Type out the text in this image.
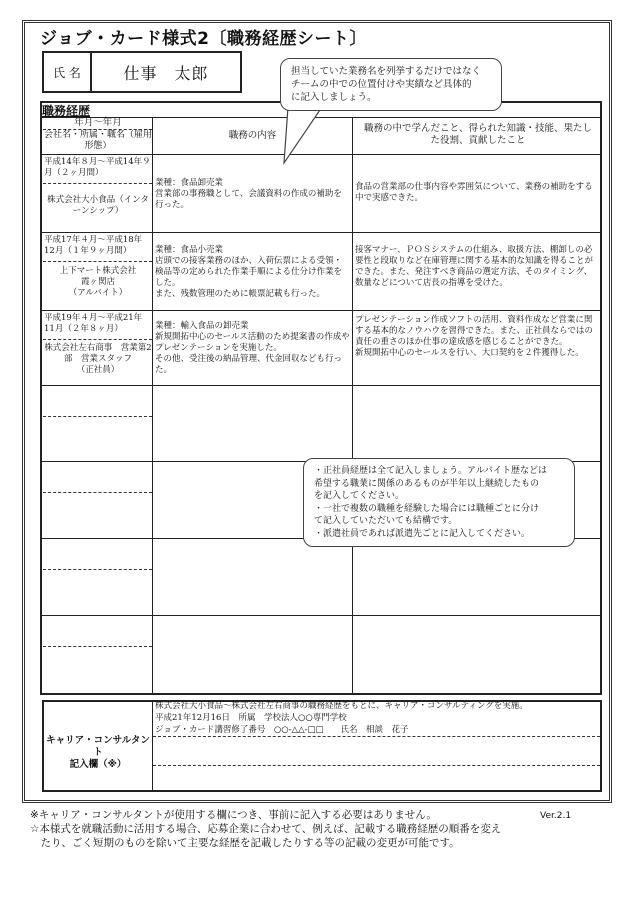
ジョブ・カード様式2〔職務経歴シート〕
氏 名	仕事　太郎
職務経歴
年月～年月
会社名・所属・職名（雇用形態）
職務の内容
職務の中で学んだこと、得られた知識・技能、果たした役割、貢献したこと
平成14年８月～平成14年９月（２ヶ月間）
株式会社大小食品（インターンシップ）
業種：食品卸売業
営業部の事務職として、会議資料の作成の補助を行った。
食品の営業部の仕事内容や雰囲気について、業務の補助をする中で実感できた。
平成17年４月～平成18年12月（１年９ヶ月間）
上下マート株式会社
霞ヶ関店
（アルバイト）
業種：食品小売業
店頭での接客業務のほか、入荷伝票による受領・検品等の定められた作業手順による仕分け作業をした。
また、残数管理のために帳票記載も行った。
接客マナー、ＰＯＳシステムの仕組み、取扱方法、棚卸しの必要性と段取りなど在庫管理に関する基本的な知識を得ることができた。また、発注すべき商品の選定方法、そのタイミング、数量などについて店長の指導を受けた。
平成19年４月～平成21年11月（２年８ヶ月）
株式会社左右商事　営業第2部　営業スタッフ
（正社員）
業種：輸入食品の卸売業
新規開拓中心のセールス活動のため提案書の作成やプレゼンテーションを実施した。
その他、受注後の納品管理、代金回収なども行った。
プレゼンテーション作成ソフトの活用、資料作成など営業に関する基本的なノウハウを習得できた。また、正社員ならではの責任の重さのほか仕事の達成感を感じることができた。
新規開拓中心のセールスを行い、大口契約を２件獲得した。
担当していた業務名を列挙するだけではなく
チームの中での位置付けや実績など具体的
に記入しましょう。
・正社員経歴は全て記入しましょう。アルバイト歴などは
希望する職業に関係のあるものが半年以上継続したもの
を記入してください。
・一社で複数の職種を経験した場合には職種ごとに分け
て記入していただいても結構です。
・派遣社員であれば派遣先ごとに記入してください。
キャリア・コンサルタント
記入欄（※）
株式会社大小食品～株式会社左右商事の職務経歴をもとに、キャリア・コンサルティングを実施。
平成21年12月16日　所属　学校法人○○専門学校
ジョブ・カード講習修了番号　○○-△△-□□　　氏名　相談　花子
※キャリア・コンサルタントが使用する欄につき、事前に記入する必要はありません。	Ver.2.1
☆本様式を就職活動に活用する場合、応募企業に合わせて、例えば、記載する職務経歴の順番を変え
　たり、ごく短期のものを除いて主要な経歴を記載したりする等の記載の変更が可能です。
